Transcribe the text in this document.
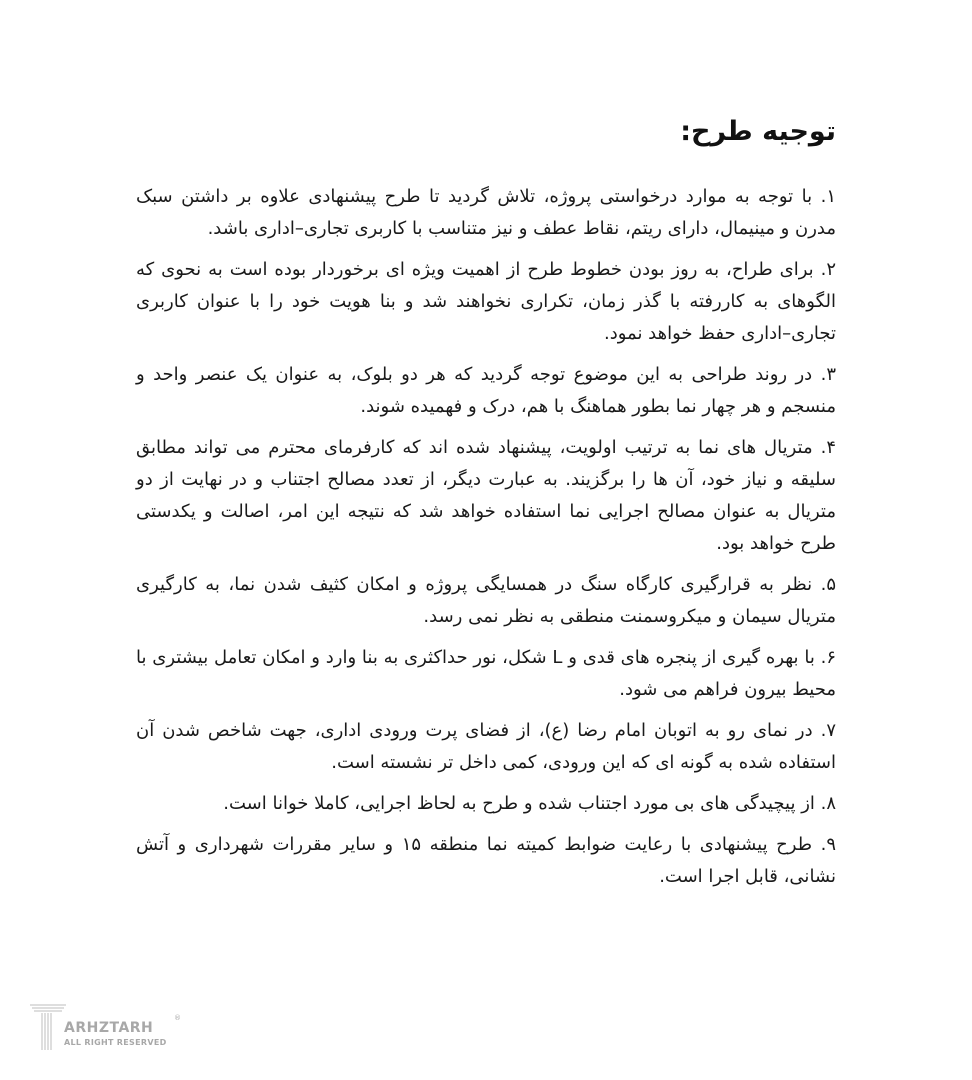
توجیه طرح:

۱. با توجه به موارد درخواستی پروژه، تلاش گردید تا طرح پیشنهادی علاوه بر داشتن سبک مدرن و مینیمال، دارای ریتم، نقاط عطف و نیز متناسب با کاربری تجاری–اداری باشد.

۲. برای طراح، به روز بودن خطوط طرح از اهمیت ویژه ای برخوردار بوده است به نحوی که الگوهای به کاررفته با گذر زمان، تکراری نخواهند شد و بنا هویت خود را با عنوان کاربری تجاری–اداری حفظ خواهد نمود.

۳. در روند طراحی به این موضوع توجه گردید که هر دو بلوک، به عنوان یک عنصر واحد و منسجم و هر چهار نما بطور هماهنگ با هم، درک و فهمیده شوند.

۴. متریال های نما به ترتیب اولویت، پیشنهاد شده اند که کارفرمای محترم می تواند مطابق سلیقه و نیاز خود، آن ها را برگزیند. به عبارت دیگر، از تعدد مصالح اجتناب و در نهایت از دو متریال به عنوان مصالح اجرایی نما استفاده خواهد شد که نتیجه این امر، اصالت و یکدستی طرح خواهد بود.

۵. نظر به قرارگیری کارگاه سنگ در همسایگی پروژه و امکان کثیف شدن نما، به کارگیری متریال سیمان و میکروسمنت منطقی به نظر نمی رسد.

۶. با بهره گیری از پنجره های قدی و L شکل، نور حداکثری به بنا وارد و امکان تعامل بیشتری با محیط بیرون فراهم می شود.

۷. در نمای رو به اتوبان امام رضا (ع)، از فضای پرت ورودی اداری، جهت شاخص شدن آن استفاده شده به گونه ای که این ورودی، کمی داخل تر نشسته است.

۸. از پیچیدگی های بی مورد اجتناب شده و طرح به لحاظ اجرایی، کاملا خوانا است.

۹. طرح پیشنهادی با رعایت ضوابط کمیته نما منطقه ۱۵ و سایر مقررات شهرداری و آتش نشانی، قابل اجرا است.

ARHZTARH
®
ALL RIGHT RESERVED
